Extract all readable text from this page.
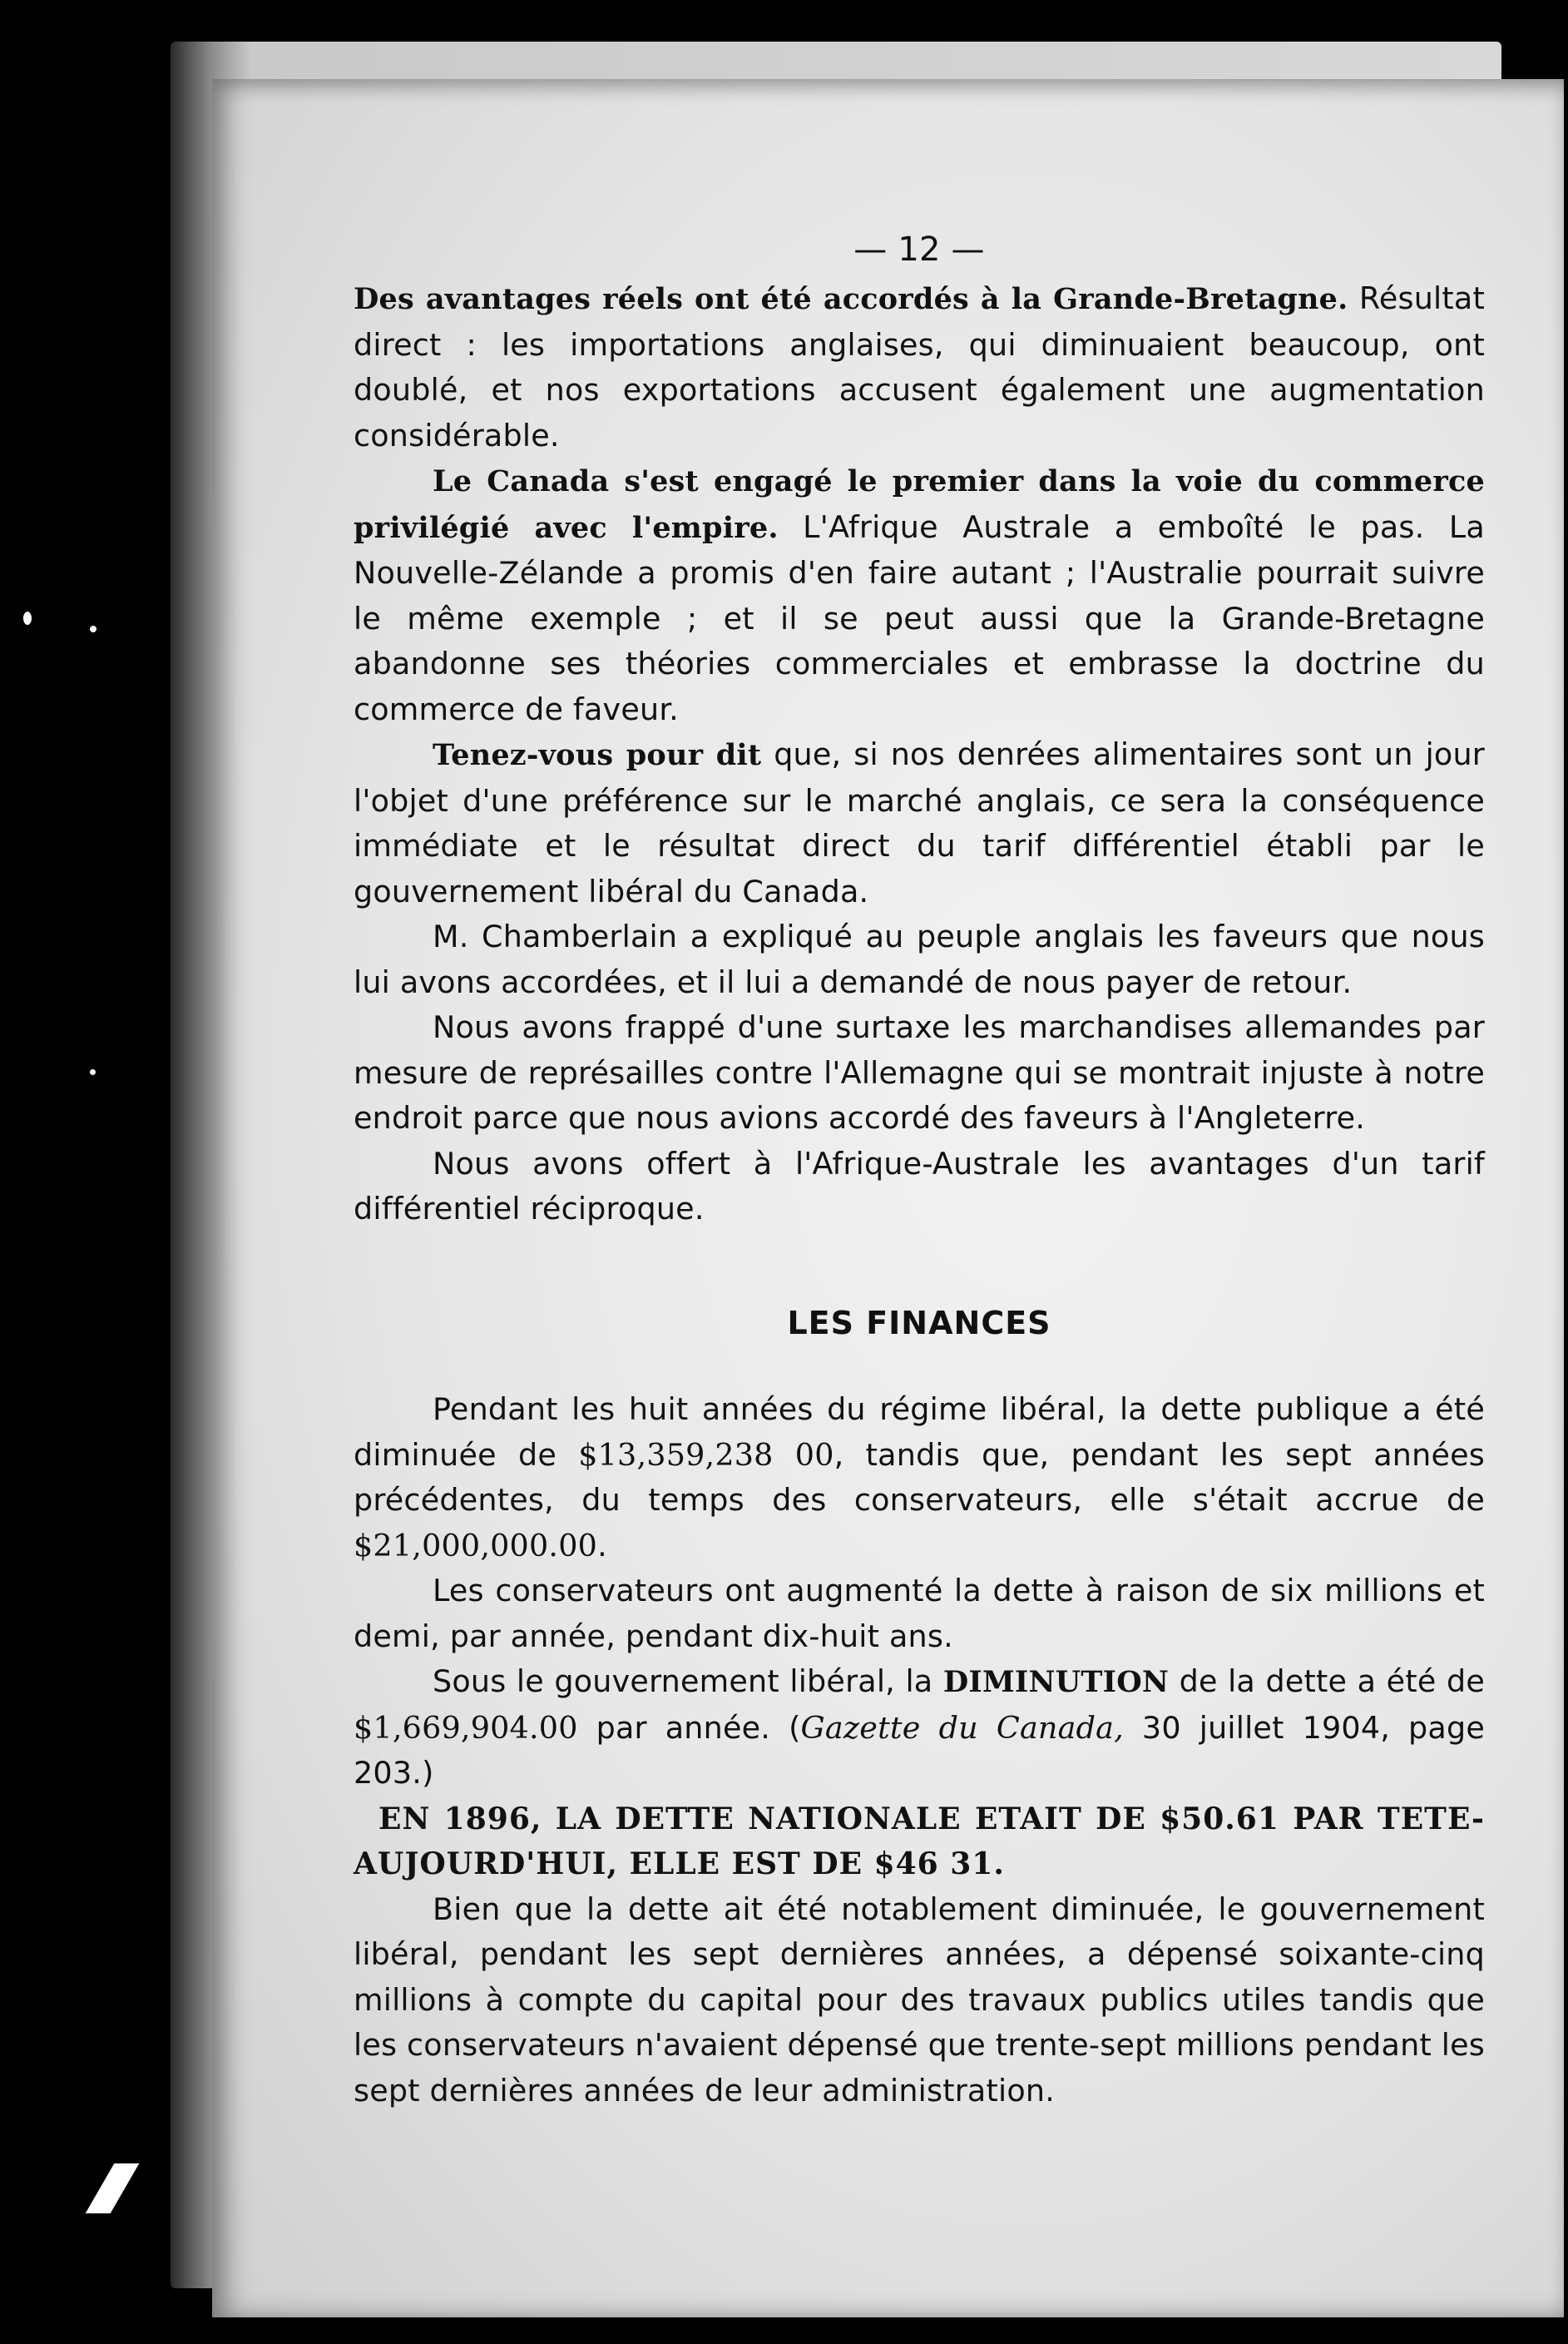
— 12 —

Des avantages réels ont été accordés à la Grande-Bretagne. Résultat direct : les importations anglaises, qui diminuaient beaucoup, ont doublé, et nos exportations accusent également une augmentation considérable.

Le Canada s'est engagé le premier dans la voie du commerce privilégié avec l'empire. L'Afrique Australe a emboîté le pas. La Nouvelle-Zélande a promis d'en faire autant ; l'Australie pourrait suivre le même exemple ; et il se peut aussi que la Grande-Bretagne abandonne ses théories commerciales et embrasse la doctrine du commerce de faveur.

Tenez-vous pour dit que, si nos denrées alimentaires sont un jour l'objet d'une préférence sur le marché anglais, ce sera la conséquence immédiate et le résultat direct du tarif différentiel établi par le gouvernement libéral du Canada.

M. Chamberlain a expliqué au peuple anglais les faveurs que nous lui avons accordées, et il lui a demandé de nous payer de retour.

Nous avons frappé d'une surtaxe les marchandises allemandes par mesure de représailles contre l'Allemagne qui se montrait injuste à notre endroit parce que nous avions accordé des faveurs à l'Angleterre.

Nous avons offert à l'Afrique-Australe les avantages d'un tarif différentiel réciproque.

LES FINANCES

Pendant les huit années du régime libéral, la dette publique a été diminuée de $13,359,238 00, tandis que, pendant les sept années précédentes, du temps des conservateurs, elle s'était accrue de $21,000,000.00.

Les conservateurs ont augmenté la dette à raison de six millions et demi, par année, pendant dix-huit ans.

Sous le gouvernement libéral, la DIMINUTION de la dette a été de $1,669,904.00 par année. (Gazette du Canada, 30 juillet 1904, page 203.)

EN 1896, LA DETTE NATIONALE ETAIT DE $50.61 PAR TETE-AUJOURD'HUI, ELLE EST DE $46 31.

Bien que la dette ait été notablement diminuée, le gouvernement libéral, pendant les sept dernières années, a dépensé soixante-cinq millions à compte du capital pour des travaux publics utiles tandis que les conservateurs n'avaient dépensé que trente-sept millions pendant les sept dernières années de leur administration.
